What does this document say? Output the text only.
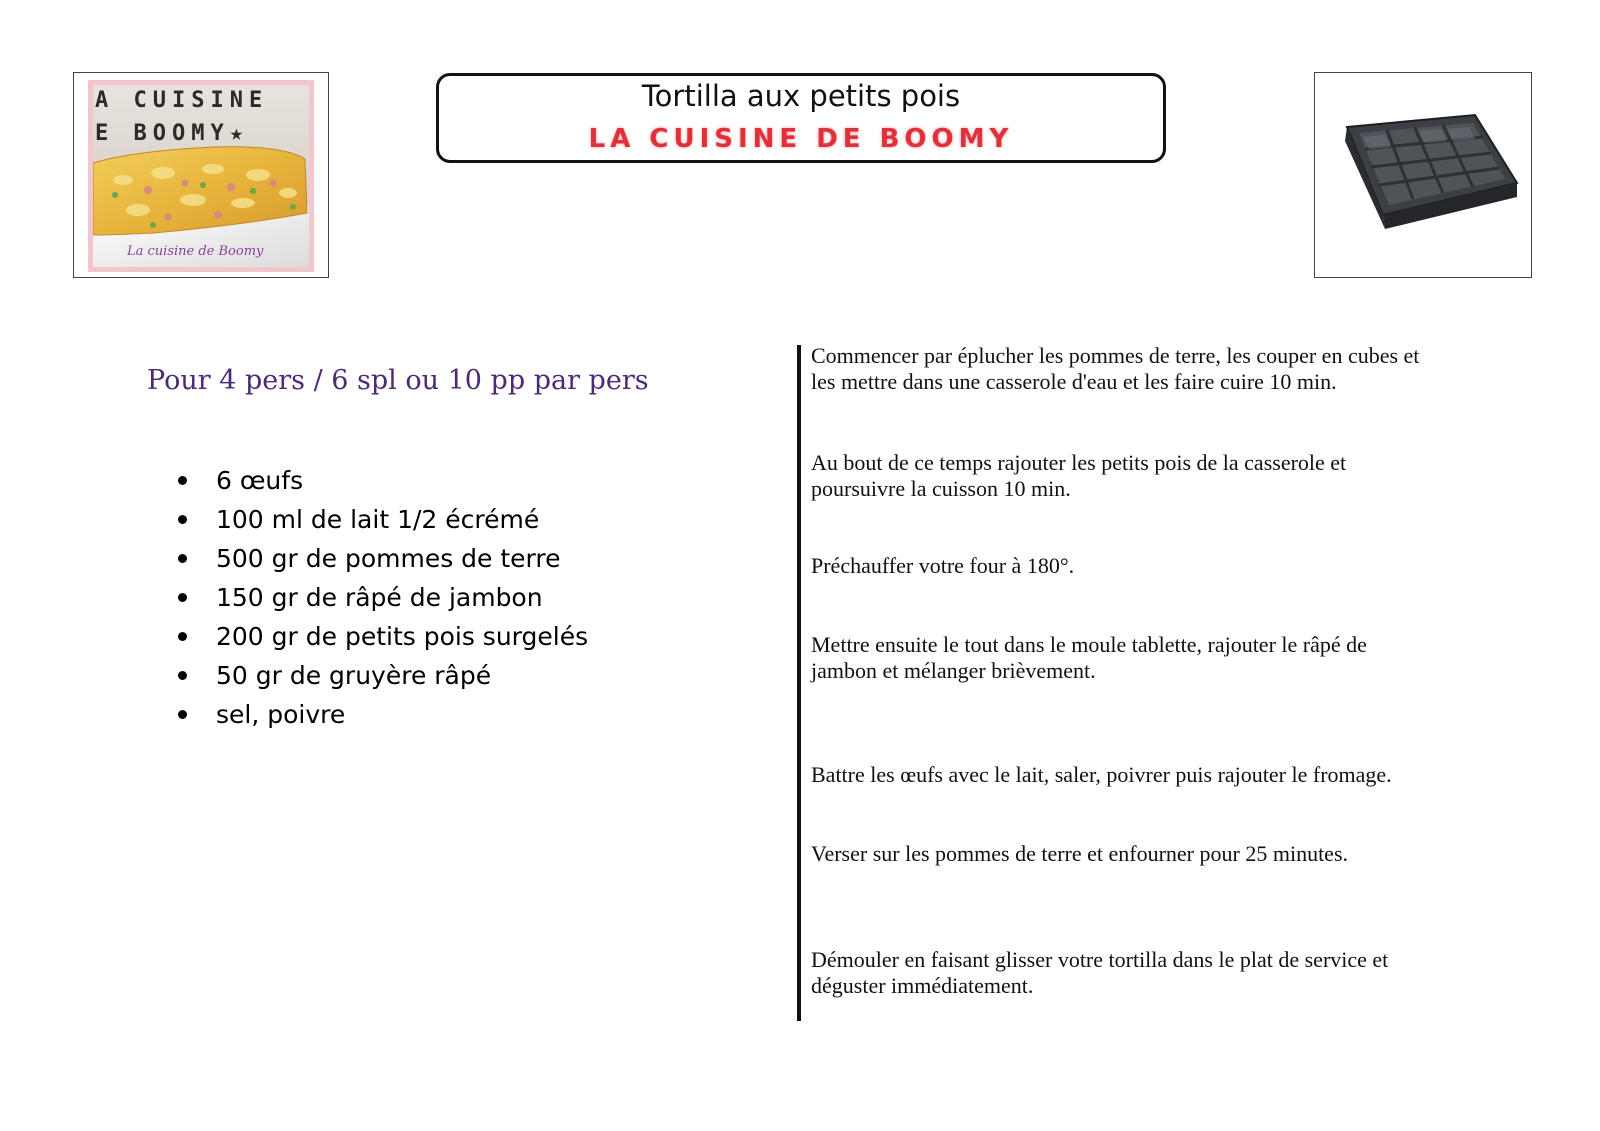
A CUISINE
E BOOMY★
La cuisine de Boomy
Tortilla aux petits pois
LA CUISINE DE BOOMY
Pour 4 pers / 6 spl ou 10 pp par pers
6 œufs
100 ml de lait 1/2 écrémé
500 gr de pommes de terre
150 gr de râpé de jambon
200 gr de petits pois surgelés
50 gr de gruyère râpé
sel, poivre
Commencer par éplucher les pommes de terre, les couper en cubes et les mettre dans une casserole d'eau et les faire cuire 10 min.
Au bout de ce temps rajouter les petits pois de la casserole et poursuivre la cuisson 10 min.
Préchauffer votre four à 180°.
Mettre ensuite le tout dans le moule tablette, rajouter le râpé de jambon et mélanger brièvement.
Battre les œufs avec le lait, saler, poivrer puis rajouter le fromage.
Verser sur les pommes de terre et enfourner pour 25 minutes.
Démouler en faisant glisser votre tortilla dans le plat de service et déguster immédiatement.
